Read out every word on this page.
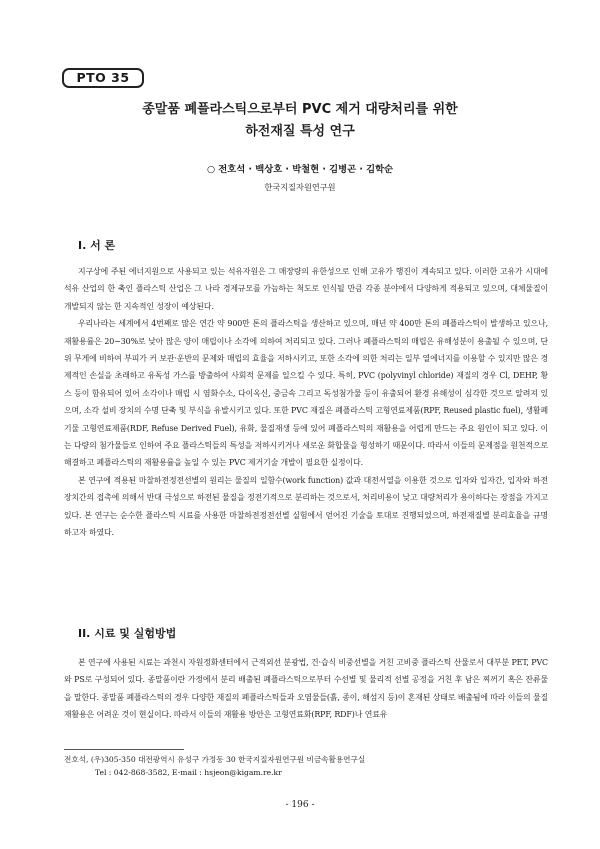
PTO 35
종말품 폐플라스틱으로부터 PVC 제거 대량처리를 위한
하전재질 특성 연구
○ 전호석 · 백상호 · 박철현 · 김병곤 · 김학순
한국지질자원연구원
I. 서 론

지구상에 주된 에너지원으로 사용되고 있는 석유자원은 그 매장량의 유한성으로 인해 고유가 행진이 계속되고 있다. 이러한 고유가 시대에 석유 산업의 한 축인 플라스틱 산업은 그 나라 경제규모를 가늠하는 척도로 인식될 만큼 각종 분야에서 다양하게 적용되고 있으며, 대체물질이 개발되지 않는 한 지속적인 성장이 예상된다.

우리나라는 세계에서 4번째로 많은 연간 약 900만 톤의 플라스틱을 생산하고 있으며, 매년 약 400만 톤의 폐플라스틱이 발생하고 있으나, 재활용률은 20∼30%로 낮아 많은 양이 매립이나 소각에 의하여 처리되고 있다. 그러나 폐플라스틱의 매립은 유해성분이 용출될 수 있으며, 단위 무게에 비하여 부피가 커 보관·운반의 문제와 매립의 효율을 저하시키고, 또한 소각에 의한 처리는 일부 열에너지를 이용할 수 있지만 많은 경제적인 손실을 초래하고 유독성 가스를 방출하여 사회적 문제를 일으킬 수 있다. 특히, PVC (polyvinyl chloride) 재질의 경우 Cl, DEHP, 황스 등이 함유되어 있어 소각이나 매립 시 염화수소, 다이옥신, 중금속 그리고 독성첨가물 등이 유출되어 환경 유해성이 심각한 것으로 알려져 있으며, 소각 설비 장치의 수명 단축 및 부식을 유발시키고 있다. 또한 PVC 재질은 폐플라스틱 고형연료제품(RPF, Reused plastic fuel), 생활폐기물 고형연료제품(RDF, Refuse Derived Fuel), 유화, 물질재생 등에 있어 폐플라스틱의 재활용을 어렵게 만드는 주요 원인이 되고 있다. 이는 다량의 첨가물들로 인하여 주요 플라스틱들의 특성을 저하시키거나 새로운 화합물을 형성하기 때문이다. 따라서 이들의 문제점을 원천적으로 해결하고 폐플라스틱의 재활용률을 높일 수 있는 PVC 제거기술 개발이 필요한 실정이다.

본 연구에 적용된 마찰하전정전선별의 원리는 물질의 일함수(work function) 값과 대전서열을 이용한 것으로 입자와 입자간, 입자와 하전장치간의 접촉에 의해서 반대 극성으로 하전된 물질을 정전기적으로 분리하는 것으로서, 처리비용이 낮고 대량처리가 용이하다는 장점을 가지고 있다. 본 연구는 순수한 플라스틱 시료를 사용한 마찰하전정전선별 실험에서 얻어진 기술을 토대로 진행되었으며, 하전재질별 분리효율을 규명하고자 하였다.

II. 시료 및 실험방법

본 연구에 사용된 시료는 과천시 자원정화센터에서 근적외선 분광법, 건·습식 비중선별을 거친 고비중 플라스틱 산물로서 대부분 PET, PVC와 PS로 구성되어 있다. 종말품이란 가정에서 분리 배출된 폐플라스틱으로부터 수선별 및 물리적 선별 공정을 거친 후 남은 찌꺼기 혹은 잔류물을 말한다. 종말품 폐플라스틱의 경우 다양한 재질의 폐플라스틱들과 오염물들(흙, 종이, 해섬지 등)이 혼재된 상태로 배출됨에 따라 이들의 물질 재활용은 어려운 것이 현실이다. 따라서 이들의 재활용 방안은 고형연료화(RPF, RDF)나 연료유

전호석, (우)305-350 대전광역시 유성구 가정동 30 한국지질자원연구원 비금속활용연구실
Tel : 042-868-3582, E-mail : hsjeon@kigam.re.kr
- 196 -
